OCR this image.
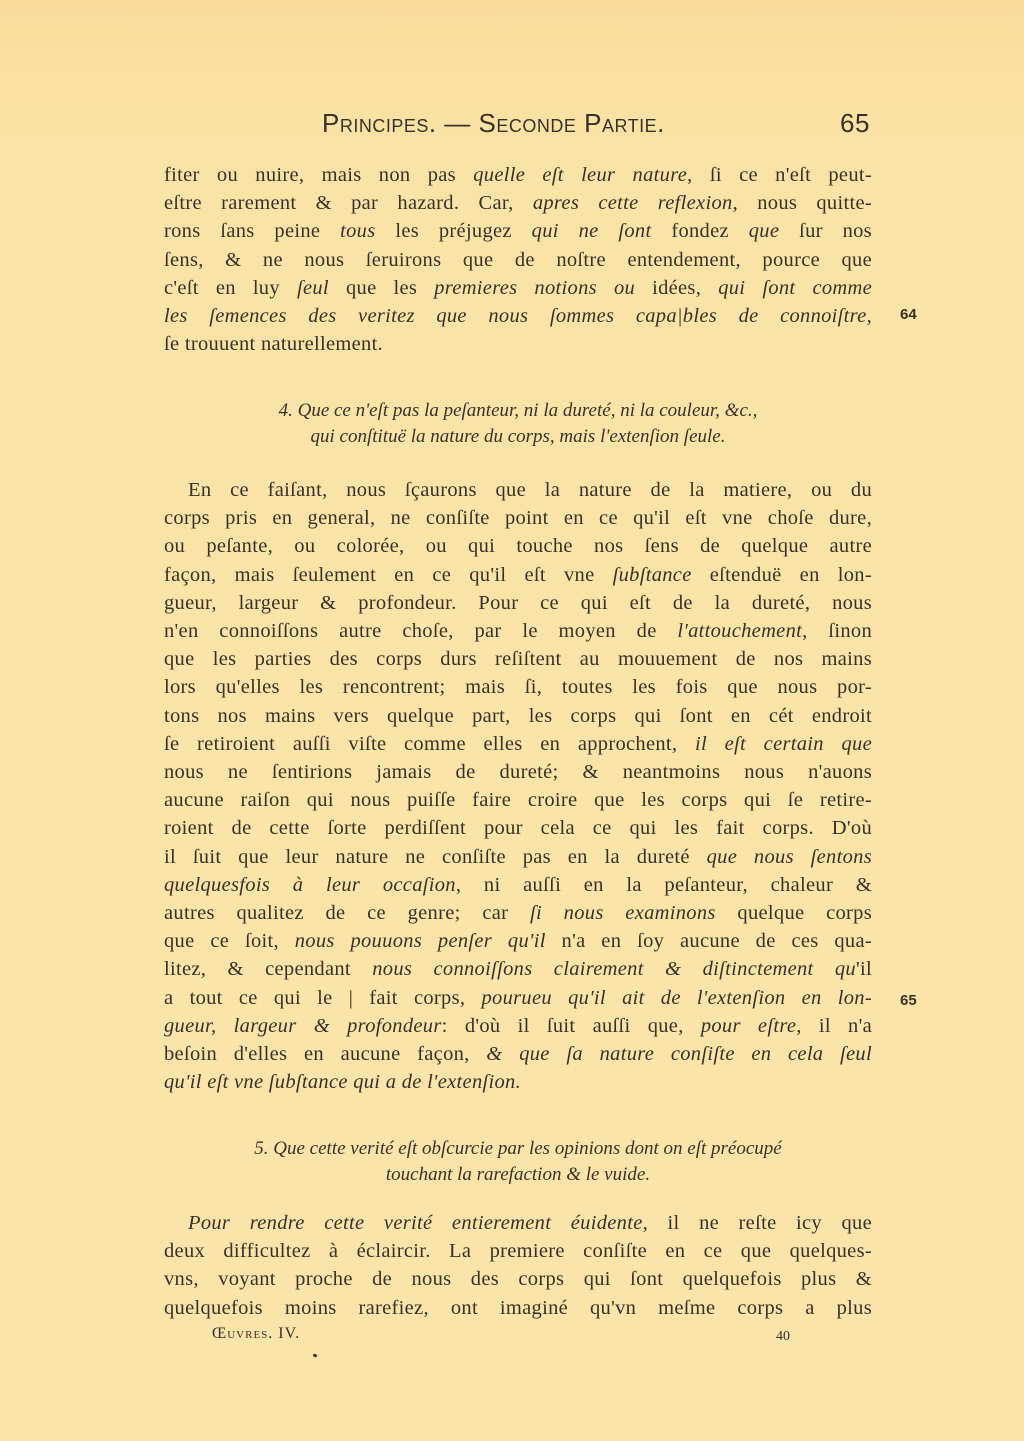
Principes. — Seconde Partie.	65
fiter ou nuire, mais non pas quelle eſt leur nature, ſi ce n'eſt peut-
eſtre rarement & par hazard. Car, apres cette reflexion, nous quitte-
rons ſans peine tous les préjugez qui ne ſont fondez que ſur nos
ſens, & ne nous ſeruirons que de noſtre entendement, pource que
c'eſt en luy ſeul que les premieres notions ou idées, qui ſont comme
les ſemences des veritez que nous ſommes capa|bles de connoiſtre,
ſe trouuent naturellement.
64
4. Que ce n'eſt pas la peſanteur, ni la dureté, ni la couleur, &c.,
qui conſtituë la nature du corps, mais l'extenſion ſeule.
En ce faiſant, nous ſçaurons que la nature de la matiere, ou du
corps pris en general, ne conſiſte point en ce qu'il eſt vne choſe dure,
ou peſante, ou colorée, ou qui touche nos ſens de quelque autre
façon, mais ſeulement en ce qu'il eſt vne ſubſtance eſtenduë en lon-
gueur, largeur & profondeur. Pour ce qui eſt de la dureté, nous
n'en connoiſſons autre choſe, par le moyen de l'attouchement, ſinon
que les parties des corps durs reſiſtent au mouuement de nos mains
lors qu'elles les rencontrent; mais ſi, toutes les fois que nous por-
tons nos mains vers quelque part, les corps qui ſont en cét endroit
ſe retiroient auſſi viſte comme elles en approchent, il eſt certain que
nous ne ſentirions jamais de dureté; & neantmoins nous n'auons
aucune raiſon qui nous puiſſe faire croire que les corps qui ſe retire-
roient de cette ſorte perdiſſent pour cela ce qui les fait corps. D'où
il ſuit que leur nature ne conſiſte pas en la dureté que nous ſentons
quelquesfois à leur occaſion, ni auſſi en la peſanteur, chaleur &
autres qualitez de ce genre; car ſi nous examinons quelque corps
que ce ſoit, nous pouuons penſer qu'il n'a en ſoy aucune de ces qua-
litez, & cependant nous connoiſſons clairement & diſtinctement qu'il
a tout ce qui le | fait corps, pourueu qu'il ait de l'extenſion en lon-
gueur, largeur & profondeur: d'où il ſuit auſſi que, pour eſtre, il n'a
beſoin d'elles en aucune façon, & que ſa nature conſiſte en cela ſeul
qu'il eſt vne ſubſtance qui a de l'extenſion.
65
5. Que cette verité eſt obſcurcie par les opinions dont on eſt préocupé
touchant la rarefaction & le vuide.
Pour rendre cette verité entierement éuidente, il ne reſte icy que
deux difficultez à éclaircir. La premiere conſiſte en ce que quelques-
vns, voyant proche de nous des corps qui ſont quelquefois plus &
quelquefois moins rarefiez, ont imaginé qu'vn meſme corps a plus
Œuvres. IV.	40
